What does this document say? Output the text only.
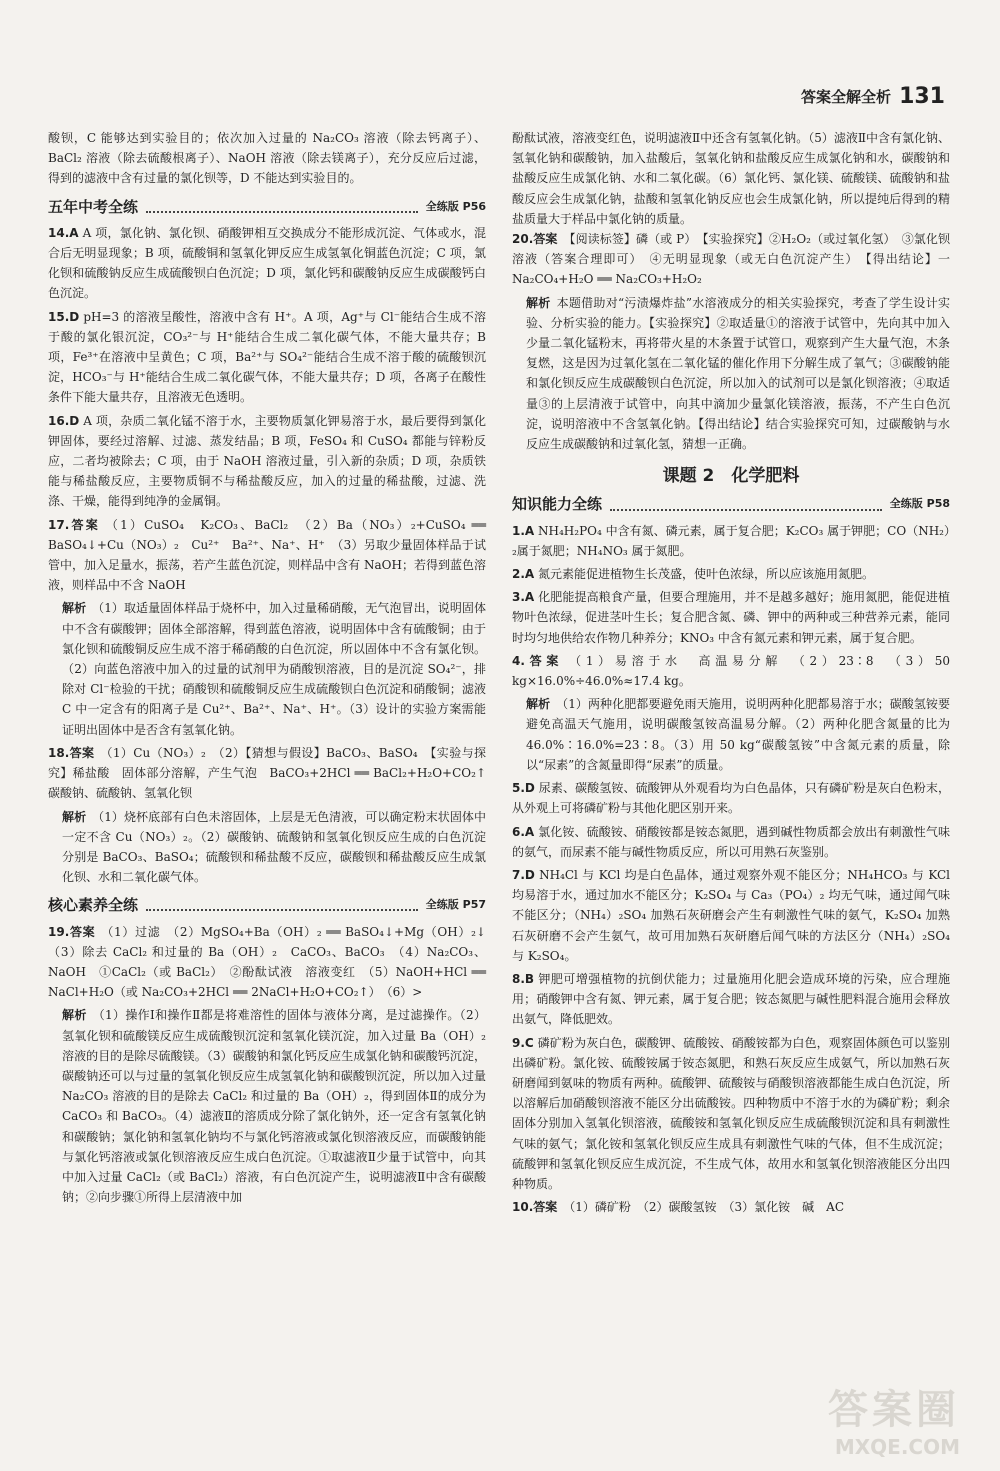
答案全解全析 131

酸钡，C 能够达到实验目的；依次加入过量的 Na₂CO₃ 溶液（除去钙离子）、BaCl₂ 溶液（除去硫酸根离子）、NaOH 溶液（除去镁离子），充分反应后过滤，得到的滤液中含有过量的氯化钡等，D 不能达到实验目的。

五年中考全练	全练版 P56

14.A A 项，氯化钠、氯化钡、硝酸钾相互交换成分不能形成沉淀、气体或水，混合后无明显现象；B 项，硫酸铜和氢氧化钾反应生成氢氧化铜蓝色沉淀；C 项，氯化钡和硫酸钠反应生成硫酸钡白色沉淀；D 项，氯化钙和碳酸钠反应生成碳酸钙白色沉淀。

15.D pH=3 的溶液呈酸性，溶液中含有 H⁺。A 项，Ag⁺与 Cl⁻能结合生成不溶于酸的氯化银沉淀，CO₃²⁻与 H⁺能结合生成二氧化碳气体，不能大量共存；B 项，Fe³⁺在溶液中呈黄色；C 项，Ba²⁺与 SO₄²⁻能结合生成不溶于酸的硫酸钡沉淀，HCO₃⁻与 H⁺能结合生成二氧化碳气体，不能大量共存；D 项，各离子在酸性条件下能大量共存，且溶液无色透明。

16.D A 项，杂质二氧化锰不溶于水，主要物质氯化钾易溶于水，最后要得到氯化钾固体，要经过溶解、过滤、蒸发结晶；B 项，FeSO₄ 和 CuSO₄ 都能与锌粉反应，二者均被除去；C 项，由于 NaOH 溶液过量，引入新的杂质；D 项，杂质铁能与稀盐酸反应，主要物质铜不与稀盐酸反应，加入的过量的稀盐酸，过滤、洗涤、干燥，能得到纯净的金属铜。

17.答案 （1）CuSO₄　K₂CO₃、BaCl₂　（2）Ba（NO₃）₂+CuSO₄ ══ BaSO₄↓+Cu（NO₃）₂　Cu²⁺　Ba²⁺、Na⁺、H⁺　（3）另取少量固体样品于试管中，加入足量水，振荡，若产生蓝色沉淀，则样品中含有 NaOH；若得到蓝色溶液，则样品中不含 NaOH

解析 （1）取适量固体样品于烧杯中，加入过量稀硝酸，无气泡冒出，说明固体中不含有碳酸钾；固体全部溶解，得到蓝色溶液，说明固体中含有硫酸铜；由于氯化钡和硫酸铜反应生成不溶于稀硝酸的白色沉淀，所以固体中不含有氯化钡。（2）向蓝色溶液中加入的过量的试剂甲为硝酸钡溶液，目的是沉淀 SO₄²⁻，排除对 Cl⁻检验的干扰；硝酸钡和硫酸铜反应生成硫酸钡白色沉淀和硝酸铜；滤液 C 中一定含有的阳离子是 Cu²⁺、Ba²⁺、Na⁺、H⁺。（3）设计的实验方案需能证明出固体中是否含有氢氧化钠。

18.答案 （1）Cu（NO₃）₂　（2）【猜想与假设】BaCO₃、BaSO₄　【实验与探究】稀盐酸　固体部分溶解，产生气泡　BaCO₃+2HCl ══ BaCl₂+H₂O+CO₂↑　碳酸钠、硫酸钠、氢氧化钡

解析 （1）烧杯底部有白色未溶固体，上层是无色清液，可以确定粉末状固体中一定不含 Cu（NO₃）₂。（2）碳酸钠、硫酸钠和氢氧化钡反应生成的白色沉淀分别是 BaCO₃、BaSO₄；硫酸钡和稀盐酸不反应，碳酸钡和稀盐酸反应生成氯化钡、水和二氧化碳气体。

核心素养全练	全练版 P57

19.答案 （1）过滤　（2）MgSO₄+Ba（OH）₂ ══ BaSO₄↓+Mg（OH）₂↓　（3）除去 CaCl₂ 和过量的 Ba（OH）₂　CaCO₃、BaCO₃　（4）Na₂CO₃、NaOH　①CaCl₂（或 BaCl₂）　②酚酞试液　溶液变红　（5）NaOH+HCl ══ NaCl+H₂O（或 Na₂CO₃+2HCl ══ 2NaCl+H₂O+CO₂↑）　（6）>

解析 （1）操作Ⅰ和操作Ⅱ都是将难溶性的固体与液体分离，是过滤操作。（2）氢氧化钡和硫酸镁反应生成硫酸钡沉淀和氢氧化镁沉淀，加入过量 Ba（OH）₂溶液的目的是除尽硫酸镁。（3）碳酸钠和氯化钙反应生成氯化钠和碳酸钙沉淀，碳酸钠还可以与过量的氢氧化钡反应生成氢氧化钠和碳酸钡沉淀，所以加入过量 Na₂CO₃ 溶液的目的是除去 CaCl₂ 和过量的 Ba（OH）₂，得到固体Ⅱ的成分为 CaCO₃ 和 BaCO₃。（4）滤液Ⅱ的溶质成分除了氯化钠外，还一定含有氢氧化钠和碳酸钠；氯化钠和氢氧化钠均不与氯化钙溶液或氯化钡溶液反应，而碳酸钠能与氯化钙溶液或氯化钡溶液反应生成白色沉淀。①取滤液Ⅱ少量于试管中，向其中加入过量 CaCl₂（或 BaCl₂）溶液，有白色沉淀产生，说明滤液Ⅱ中含有碳酸钠；②向步骤①所得上层清液中加

酚酞试液，溶液变红色，说明滤液Ⅱ中还含有氢氧化钠。（5）滤液Ⅱ中含有氯化钠、氢氧化钠和碳酸钠，加入盐酸后，氢氧化钠和盐酸反应生成氯化钠和水，碳酸钠和盐酸反应生成氯化钠、水和二氧化碳。（6）氯化钙、氯化镁、硫酸镁、硫酸钠和盐酸反应会生成氯化钠，盐酸和氢氧化钠反应也会生成氯化钠，所以提纯后得到的精盐质量大于样品中氯化钠的质量。

20.答案 【阅读标签】磷（或 P）　【实验探究】②H₂O₂（或过氧化氢）　③氯化钡溶液（答案合理即可）　④无明显现象（或无白色沉淀产生）　【得出结论】一　Na₂CO₄+H₂O ══ Na₂CO₃+H₂O₂

解析 本题借助对“污渍爆炸盐”水溶液成分的相关实验探究，考查了学生设计实验、分析实验的能力。【实验探究】②取适量①的溶液于试管中，先向其中加入少量二氧化锰粉末，再将带火星的木条置于试管口，观察到产生大量气泡，木条复燃，这是因为过氧化氢在二氧化锰的催化作用下分解生成了氧气；③碳酸钠能和氯化钡反应生成碳酸钡白色沉淀，所以加入的试剂可以是氯化钡溶液；④取适量③的上层清液于试管中，向其中滴加少量氯化镁溶液，振荡，不产生白色沉淀，说明溶液中不含氢氧化钠。【得出结论】结合实验探究可知，过碳酸钠与水反应生成碳酸钠和过氧化氢，猜想一正确。

课题 2　化学肥料
知识能力全练	全练版 P58

1.A NH₄H₂PO₄ 中含有氮、磷元素，属于复合肥；K₂CO₃ 属于钾肥；CO（NH₂）₂属于氮肥；NH₄NO₃ 属于氮肥。

2.A 氮元素能促进植物生长茂盛，使叶色浓绿，所以应该施用氮肥。

3.A 化肥能提高粮食产量，但要合理施用，并不是越多越好；施用氮肥，能促进植物叶色浓绿，促进茎叶生长；复合肥含氮、磷、钾中的两种或三种营养元素，能同时均匀地供给农作物几种养分；KNO₃ 中含有氮元素和钾元素，属于复合肥。

4.答案 （1）易溶于水　高温易分解　（2）23∶8　（3）50 kg×16.0%÷46.0%≈17.4 kg。

解析 （1）两种化肥都要避免雨天施用，说明两种化肥都易溶于水；碳酸氢铵要避免高温天气施用，说明碳酸氢铵高温易分解。（2）两种化肥含氮量的比为 46.0%∶16.0%=23∶8。（3）用 50 kg“碳酸氢铵”中含氮元素的质量，除以“尿素”的含氮量即得“尿素”的质量。

5.D 尿素、碳酸氢铵、硫酸钾从外观看均为白色晶体，只有磷矿粉是灰白色粉末，从外观上可将磷矿粉与其他化肥区别开来。

6.A 氯化铵、硫酸铵、硝酸铵都是铵态氮肥，遇到碱性物质都会放出有刺激性气味的氨气，而尿素不能与碱性物质反应，所以可用熟石灰鉴别。

7.D NH₄Cl 与 KCl 均是白色晶体，通过观察外观不能区分；NH₄HCO₃ 与 KCl 均易溶于水，通过加水不能区分；K₂SO₄ 与 Ca₃（PO₄）₂ 均无气味，通过闻气味不能区分；（NH₄）₂SO₄ 加熟石灰研磨会产生有刺激性气味的氨气，K₂SO₄ 加熟石灰研磨不会产生氨气，故可用加熟石灰研磨后闻气味的方法区分（NH₄）₂SO₄ 与 K₂SO₄。

8.B 钾肥可增强植物的抗倒伏能力；过量施用化肥会造成环境的污染，应合理施用；硝酸钾中含有氮、钾元素，属于复合肥；铵态氮肥与碱性肥料混合施用会释放出氨气，降低肥效。

9.C 磷矿粉为灰白色，碳酸钾、硫酸铵、硝酸铵都为白色，观察固体颜色可以鉴别出磷矿粉。氯化铵、硫酸铵属于铵态氮肥，和熟石灰反应生成氨气，所以加熟石灰研磨闻到氨味的物质有两种。硫酸钾、硫酸铵与硝酸钡溶液都能生成白色沉淀，所以溶解后加硝酸钡溶液不能区分出硫酸铵。四种物质中不溶于水的为磷矿粉；剩余固体分别加入氢氧化钡溶液，硫酸铵和氢氧化钡反应生成硫酸钡沉淀和具有刺激性气味的氨气；氯化铵和氢氧化钡反应生成具有刺激性气味的气体，但不生成沉淀；硫酸钾和氢氧化钡反应生成沉淀，不生成气体，故用水和氢氧化钡溶液能区分出四种物质。

10.答案 （1）磷矿粉　（2）碳酸氢铵　（3）氯化铵　碱　AC

答案圈
MXQE.COM
